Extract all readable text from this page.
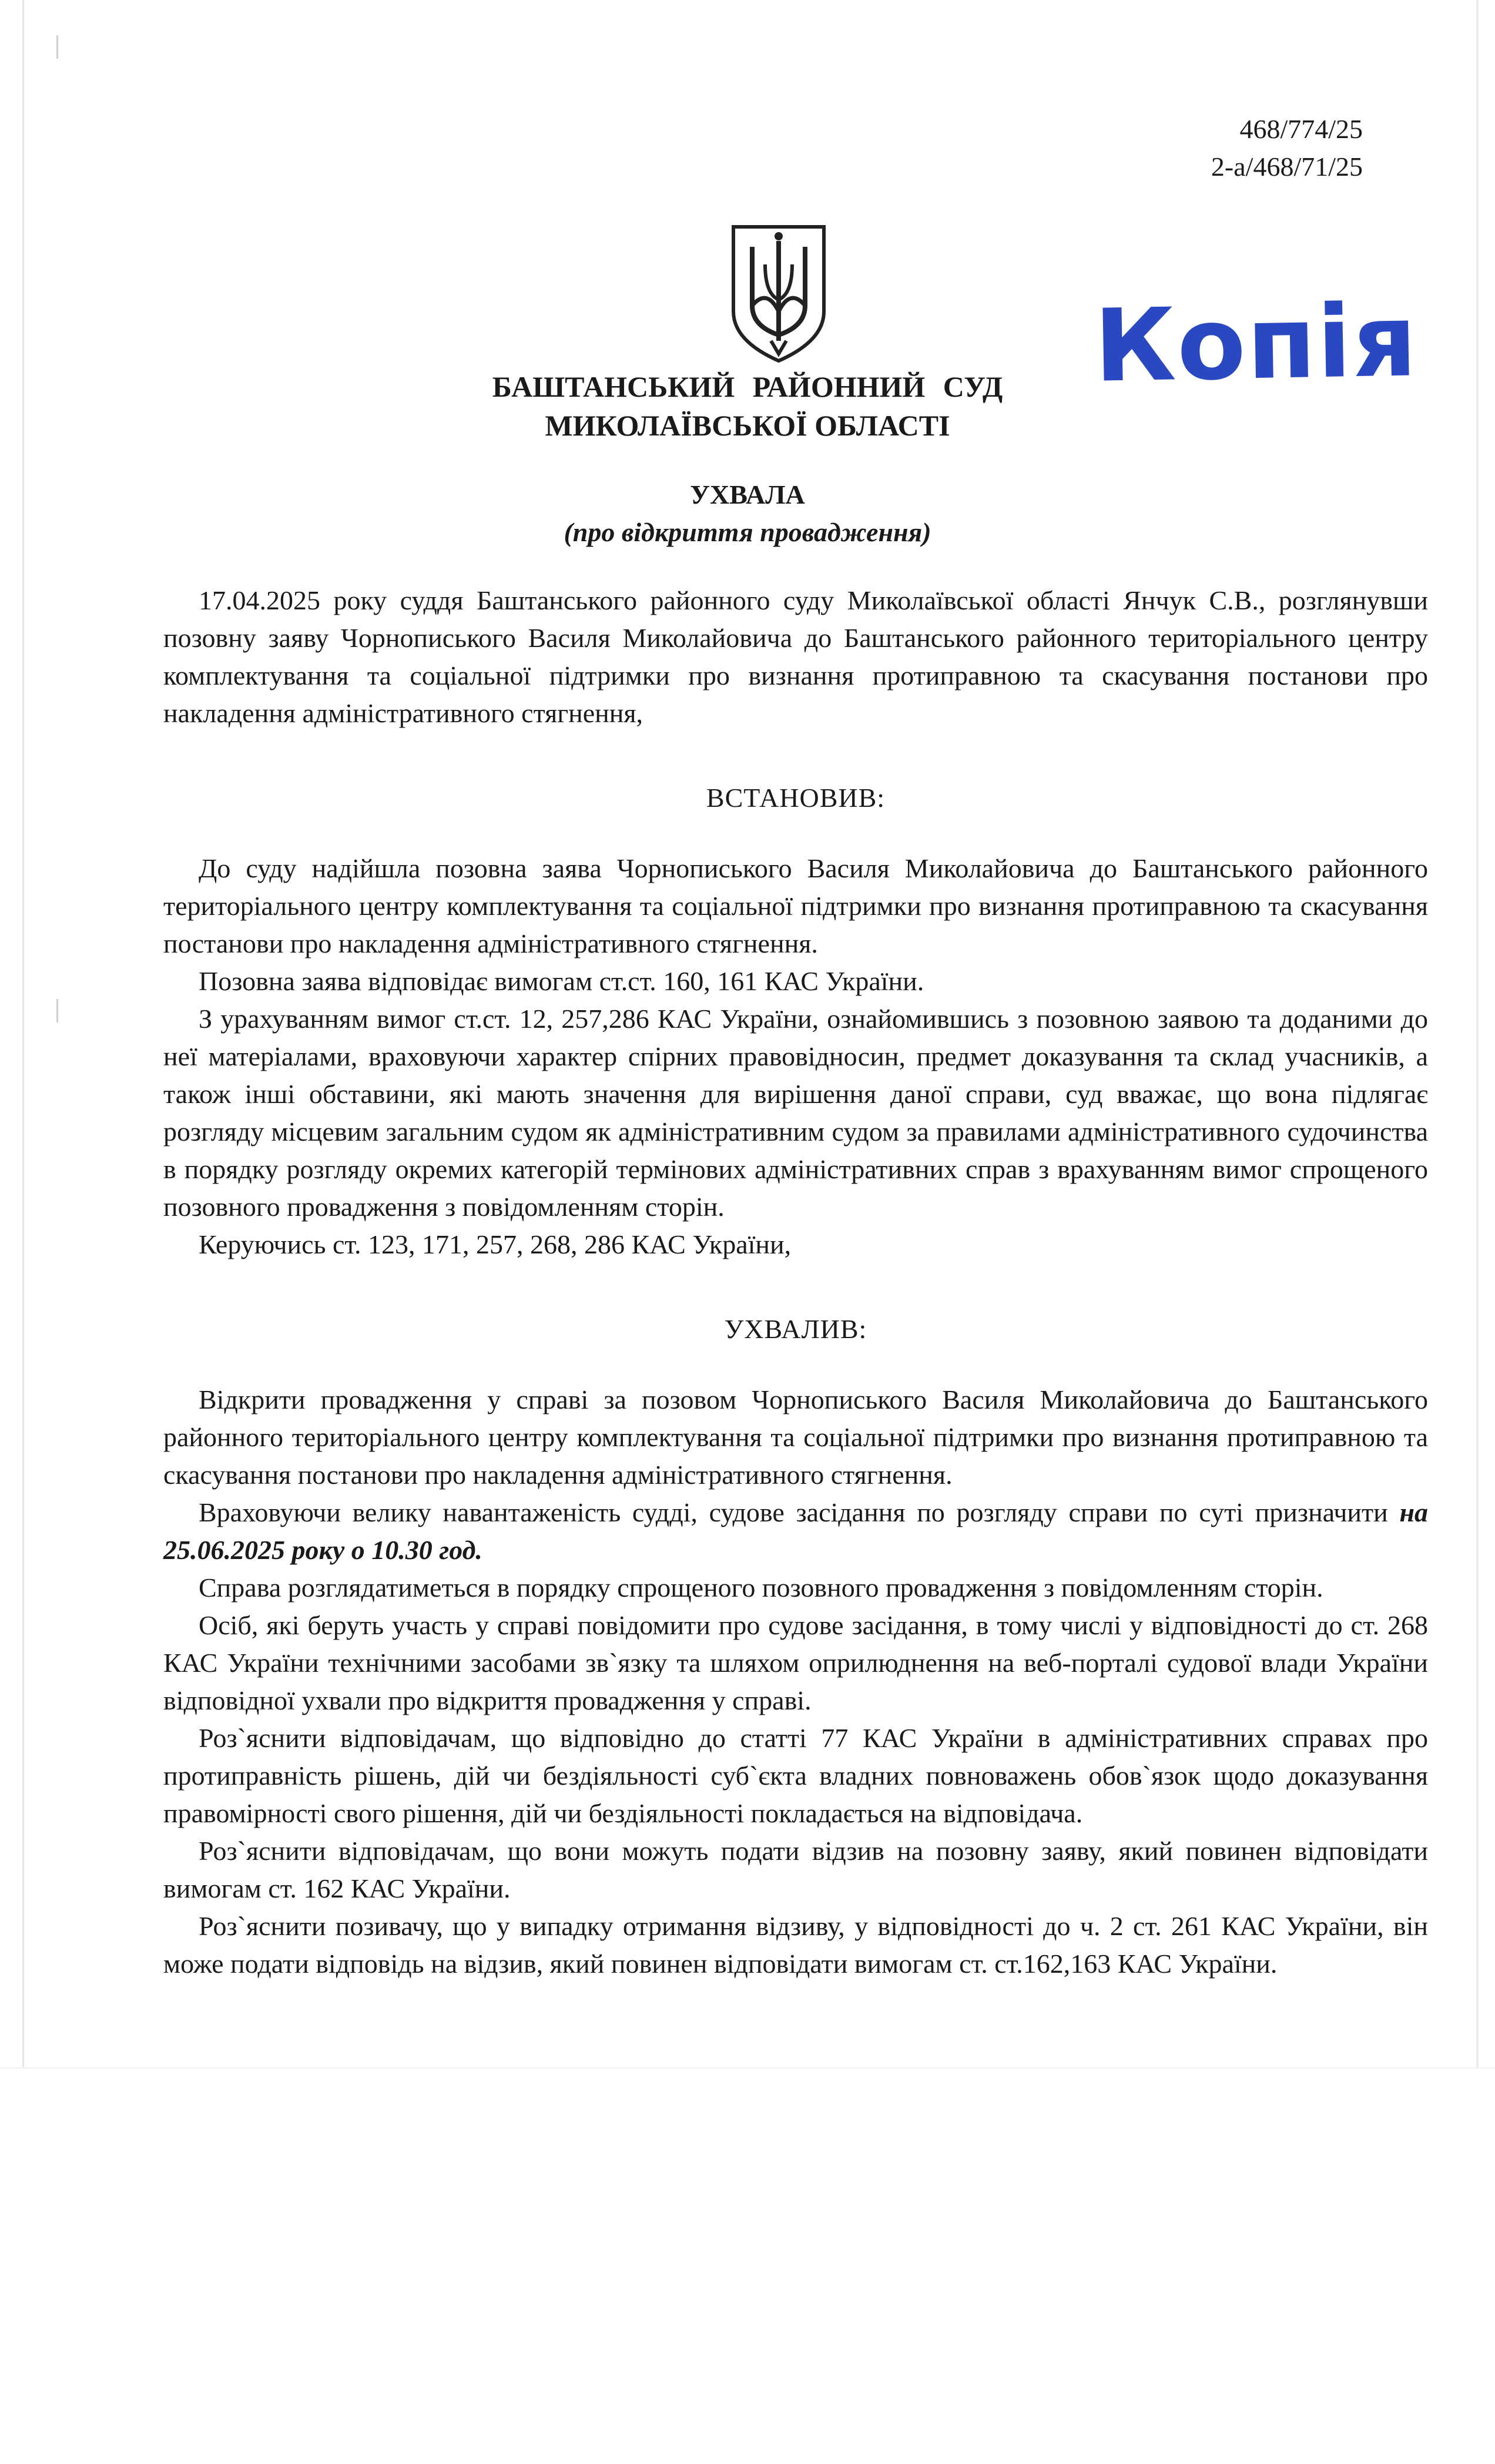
468/774/25
2-а/468/71/25
Копія
БАШТАНСЬКИЙ РАЙОННИЙ СУД
МИКОЛАЇВСЬКОЇ ОБЛАСТІ
УХВАЛА
(про відкриття провадження)

17.04.2025 року суддя Баштанського районного суду Миколаївської області Янчук С.В., розглянувши позовну заяву Чорнописького Василя Миколайовича до Баштанського районного територіального центру комплектування та соціальної підтримки про визнання протиправною та скасування постанови про накладення адміністративного стягнення,

ВСТАНОВИВ:

До суду надійшла позовна заява Чорнописького Василя Миколайовича до Баштанського районного територіального центру комплектування та соціальної підтримки про визнання протиправною та скасування постанови про накладення адміністративного стягнення.

Позовна заява відповідає вимогам ст.ст. 160, 161 КАС України.

З урахуванням вимог ст.ст. 12, 257,286 КАС України, ознайомившись з позовною заявою та доданими до неї матеріалами, враховуючи характер спірних правовідносин, предмет доказування та склад учасників, а також інші обставини, які мають значення для вирішення даної справи, суд вважає, що вона підлягає розгляду місцевим загальним судом як адміністративним судом за правилами адміністративного судочинства в порядку розгляду окремих категорій термінових адміністративних справ з врахуванням вимог спрощеного позовного провадження з повідомленням сторін.

Керуючись ст. 123, 171, 257, 268, 286 КАС України,

УХВАЛИВ:

Відкрити провадження у справі за позовом Чорнописького Василя Миколайовича до Баштанського районного територіального центру комплектування та соціальної підтримки про визнання протиправною та скасування постанови про накладення адміністративного стягнення.

Враховуючи велику навантаженість судді, судове засідання по розгляду справи по суті призначити на 25.06.2025 року о 10.30 год.

Справа розглядатиметься в порядку спрощеного позовного провадження з повідомленням сторін.

Осіб, які беруть участь у справі повідомити про судове засідання, в тому числі у відповідності до ст. 268 КАС України технічними засобами зв`язку та шляхом оприлюднення на веб-порталі судової влади України відповідної ухвали про відкриття провадження у справі.

Роз`яснити відповідачам, що відповідно до статті 77 КАС України в адміністративних справах про протиправність рішень, дій чи бездіяльності суб`єкта владних повноважень обов`язок щодо доказування правомірності свого рішення, дій чи бездіяльності покладається на відповідача.

Роз`яснити відповідачам, що вони можуть подати відзив на позовну заяву, який повинен відповідати вимогам ст. 162 КАС України.

Роз`яснити позивачу, що у випадку отримання відзиву, у відповідності до ч. 2 ст. 261 КАС України, він може подати відповідь на відзив, який повинен відповідати вимогам ст. ст.162,163 КАС України.
